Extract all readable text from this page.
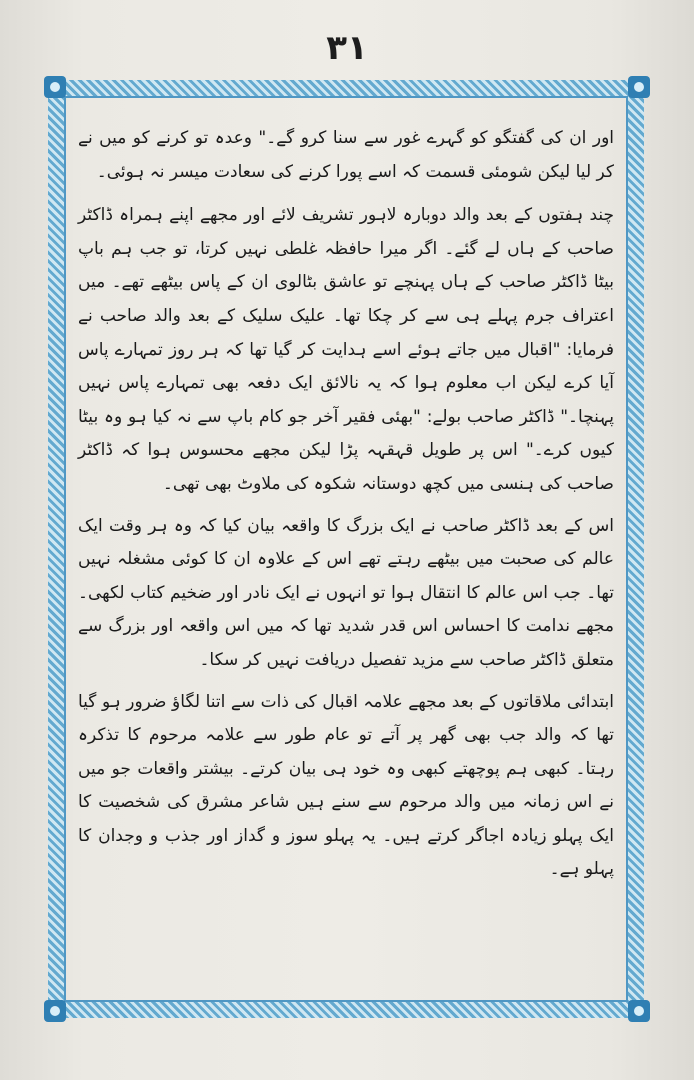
۳۱

اور ان کی گفتگو کو گہرے غور سے سنا کرو گے۔" وعدہ تو کرنے کو میں نے کر لیا لیکن شومئی قسمت کہ اسے پورا کرنے کی سعادت میسر نہ ہوئی۔

چند ہفتوں کے بعد والد دوبارہ لاہور تشریف لائے اور مجھے اپنے ہمراہ ڈاکٹر صاحب کے ہاں لے گئے۔ اگر میرا حافظہ غلطی نہیں کرتا، تو جب ہم باپ بیٹا ڈاکٹر صاحب کے ہاں پہنچے تو عاشق بٹالوی ان کے پاس بیٹھے تھے۔ میں اعتراف جرم پہلے ہی سے کر چکا تھا۔ علیک سلیک کے بعد والد صاحب نے فرمایا: "اقبال میں جاتے ہوئے اسے ہدایت کر گیا تھا کہ ہر روز تمہارے پاس آیا کرے لیکن اب معلوم ہوا کہ یہ نالائق ایک دفعہ بھی تمہارے پاس نہیں پہنچا۔" ڈاکٹر صاحب بولے: "بھئی فقیر آخر جو کام باپ سے نہ کیا ہو وہ بیٹا کیوں کرے۔" اس پر طویل قہقہہ پڑا لیکن مجھے محسوس ہوا کہ ڈاکٹر صاحب کی ہنسی میں کچھ دوستانہ شکوہ کی ملاوٹ بھی تھی۔

اس کے بعد ڈاکٹر صاحب نے ایک بزرگ کا واقعہ بیان کیا کہ وہ ہر وقت ایک عالم کی صحبت میں بیٹھے رہتے تھے اس کے علاوہ ان کا کوئی مشغلہ نہیں تھا۔ جب اس عالم کا انتقال ہوا تو انہوں نے ایک نادر اور ضخیم کتاب لکھی۔ مجھے ندامت کا احساس اس قدر شدید تھا کہ میں اس واقعہ اور بزرگ سے متعلق ڈاکٹر صاحب سے مزید تفصیل دریافت نہیں کر سکا۔

ابتدائی ملاقاتوں کے بعد مجھے علامہ اقبال کی ذات سے اتنا لگاؤ ضرور ہو گیا تھا کہ والد جب بھی گھر پر آتے تو عام طور سے علامہ مرحوم کا تذکرہ رہتا۔ کبھی ہم پوچھتے کبھی وہ خود ہی بیان کرتے۔ بیشتر واقعات جو میں نے اس زمانہ میں والد مرحوم سے سنے ہیں شاعر مشرق کی شخصیت کا ایک پہلو زیادہ اجاگر کرتے ہیں۔ یہ پہلو سوز و گداز اور جذب و وجدان کا پہلو ہے۔
